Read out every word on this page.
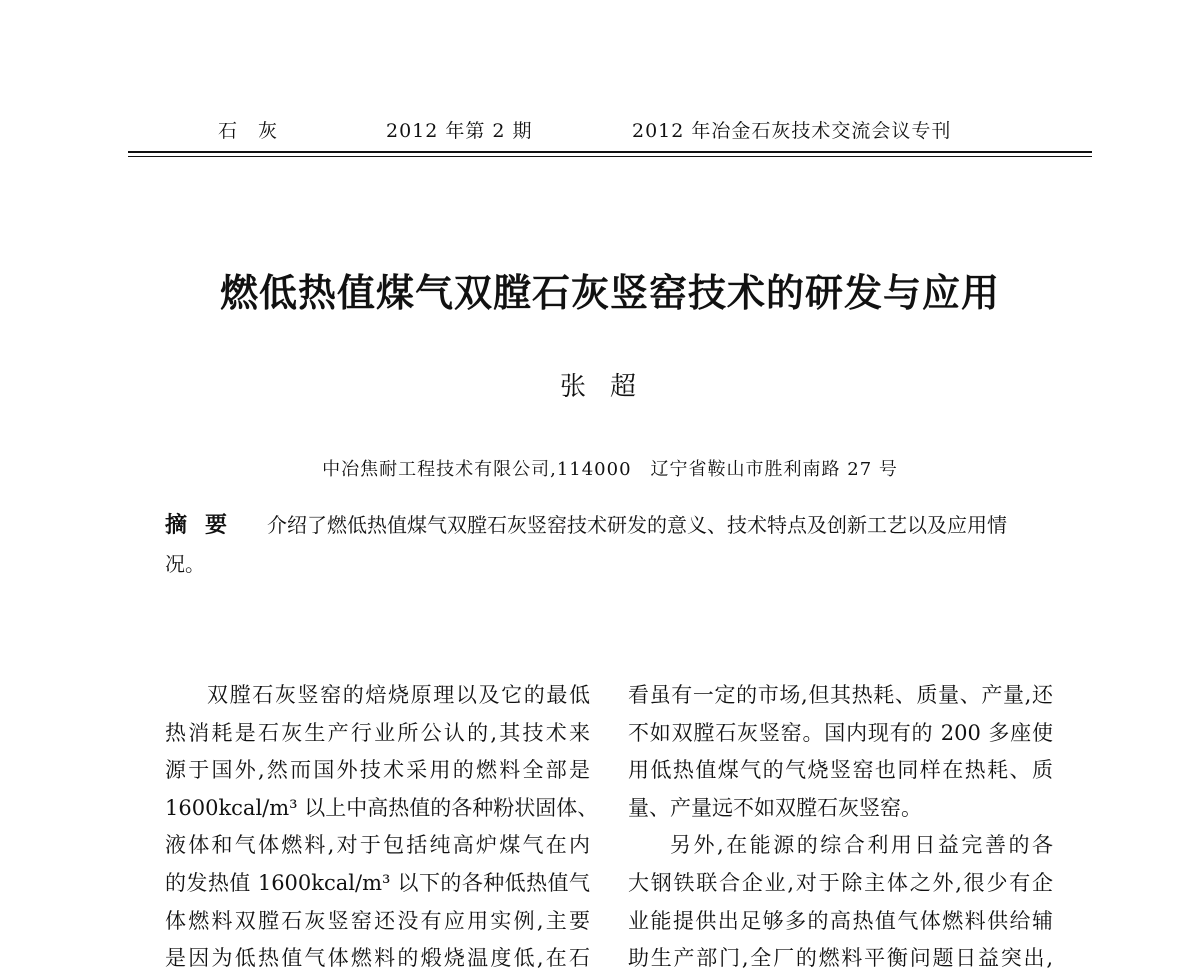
石　灰	2012 年第 2 期	2012 年冶金石灰技术交流会议专刊
燃低热值煤气双膛石灰竖窑技术的研发与应用
张超
中冶焦耐工程技术有限公司,114000　辽宁省鞍山市胜利南路 27 号
摘要 介绍了燃低热值煤气双膛石灰竖窑技术研发的意义、技术特点及创新工艺以及应用情况。
双膛石灰竖窑的焙烧原理以及它的最低
热消耗是石灰生产行业所公认的,其技术来
源于国外,然而国外技术采用的燃料全部是
1600kcal/m³ 以上中高热值的各种粉状固体、
液体和气体燃料,对于包括纯高炉煤气在内
的发热值 1600kcal/m³ 以下的各种低热值气
体燃料双膛石灰竖窑还没有应用实例,主要
是因为低热值气体燃料的煅烧温度低,在石
看虽有一定的市场,但其热耗、质量、产量,还
不如双膛石灰竖窑。国内现有的 200 多座使
用低热值煤气的气烧竖窑也同样在热耗、质
量、产量远不如双膛石灰竖窑。
另外,在能源的综合利用日益完善的各
大钢铁联合企业,对于除主体之外,很少有企
业能提供出足够多的高热值气体燃料供给辅
助生产部门,全厂的燃料平衡问题日益突出,
